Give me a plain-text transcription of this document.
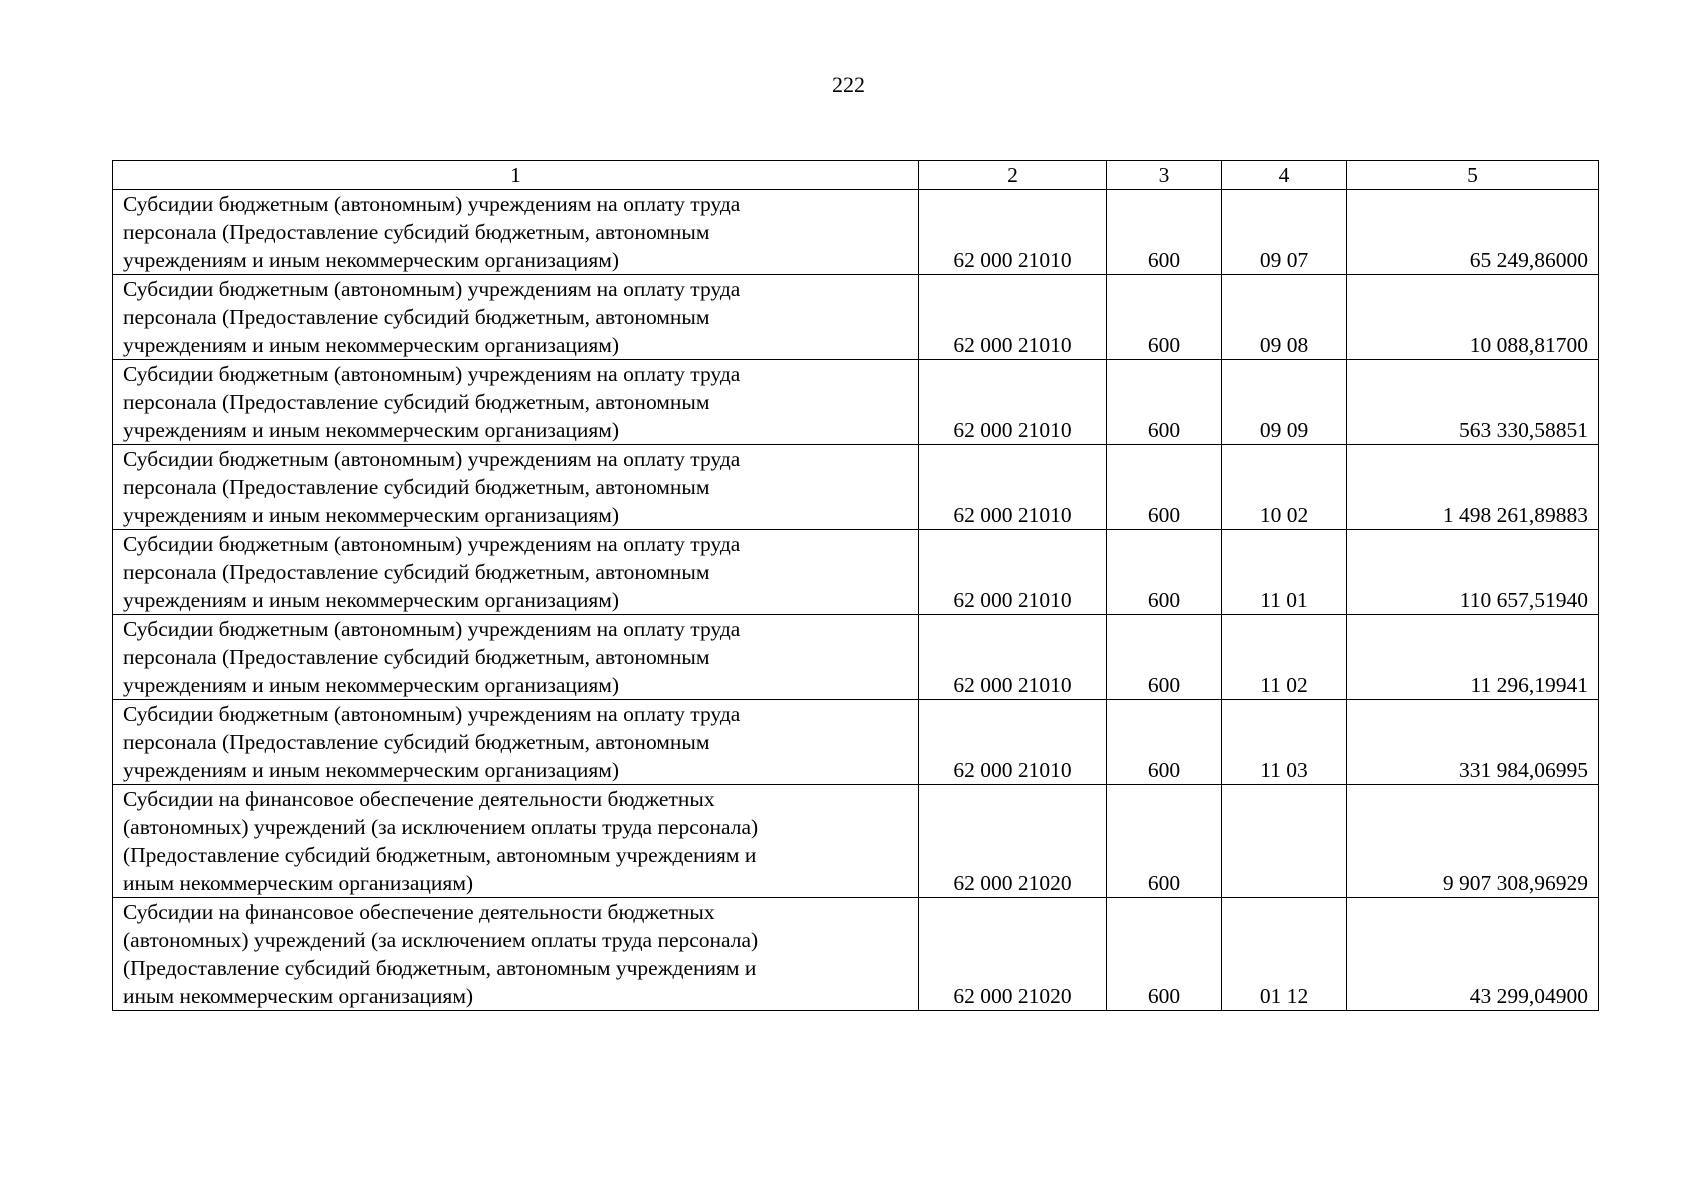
222
1	2	3	4	5
Субсидии бюджетным (автономным) учреждениям на оплату труда
персонала (Предоставление субсидий бюджетным, автономным
учреждениям и иным некоммерческим организациям)	62 000 21010	600	09 07	65 249,86000
Субсидии бюджетным (автономным) учреждениям на оплату труда
персонала (Предоставление субсидий бюджетным, автономным
учреждениям и иным некоммерческим организациям)	62 000 21010	600	09 08	10 088,81700
Субсидии бюджетным (автономным) учреждениям на оплату труда
персонала (Предоставление субсидий бюджетным, автономным
учреждениям и иным некоммерческим организациям)	62 000 21010	600	09 09	563 330,58851
Субсидии бюджетным (автономным) учреждениям на оплату труда
персонала (Предоставление субсидий бюджетным, автономным
учреждениям и иным некоммерческим организациям)	62 000 21010	600	10 02	1 498 261,89883
Субсидии бюджетным (автономным) учреждениям на оплату труда
персонала (Предоставление субсидий бюджетным, автономным
учреждениям и иным некоммерческим организациям)	62 000 21010	600	11 01	110 657,51940
Субсидии бюджетным (автономным) учреждениям на оплату труда
персонала (Предоставление субсидий бюджетным, автономным
учреждениям и иным некоммерческим организациям)	62 000 21010	600	11 02	11 296,19941
Субсидии бюджетным (автономным) учреждениям на оплату труда
персонала (Предоставление субсидий бюджетным, автономным
учреждениям и иным некоммерческим организациям)	62 000 21010	600	11 03	331 984,06995
Субсидии на финансовое обеспечение деятельности бюджетных
(автономных) учреждений (за исключением оплаты труда персонала)
(Предоставление субсидий бюджетным, автономным учреждениям и
иным некоммерческим организациям)	62 000 21020	600		9 907 308,96929
Субсидии на финансовое обеспечение деятельности бюджетных
(автономных) учреждений (за исключением оплаты труда персонала)
(Предоставление субсидий бюджетным, автономным учреждениям и
иным некоммерческим организациям)	62 000 21020	600	01 12	43 299,04900
